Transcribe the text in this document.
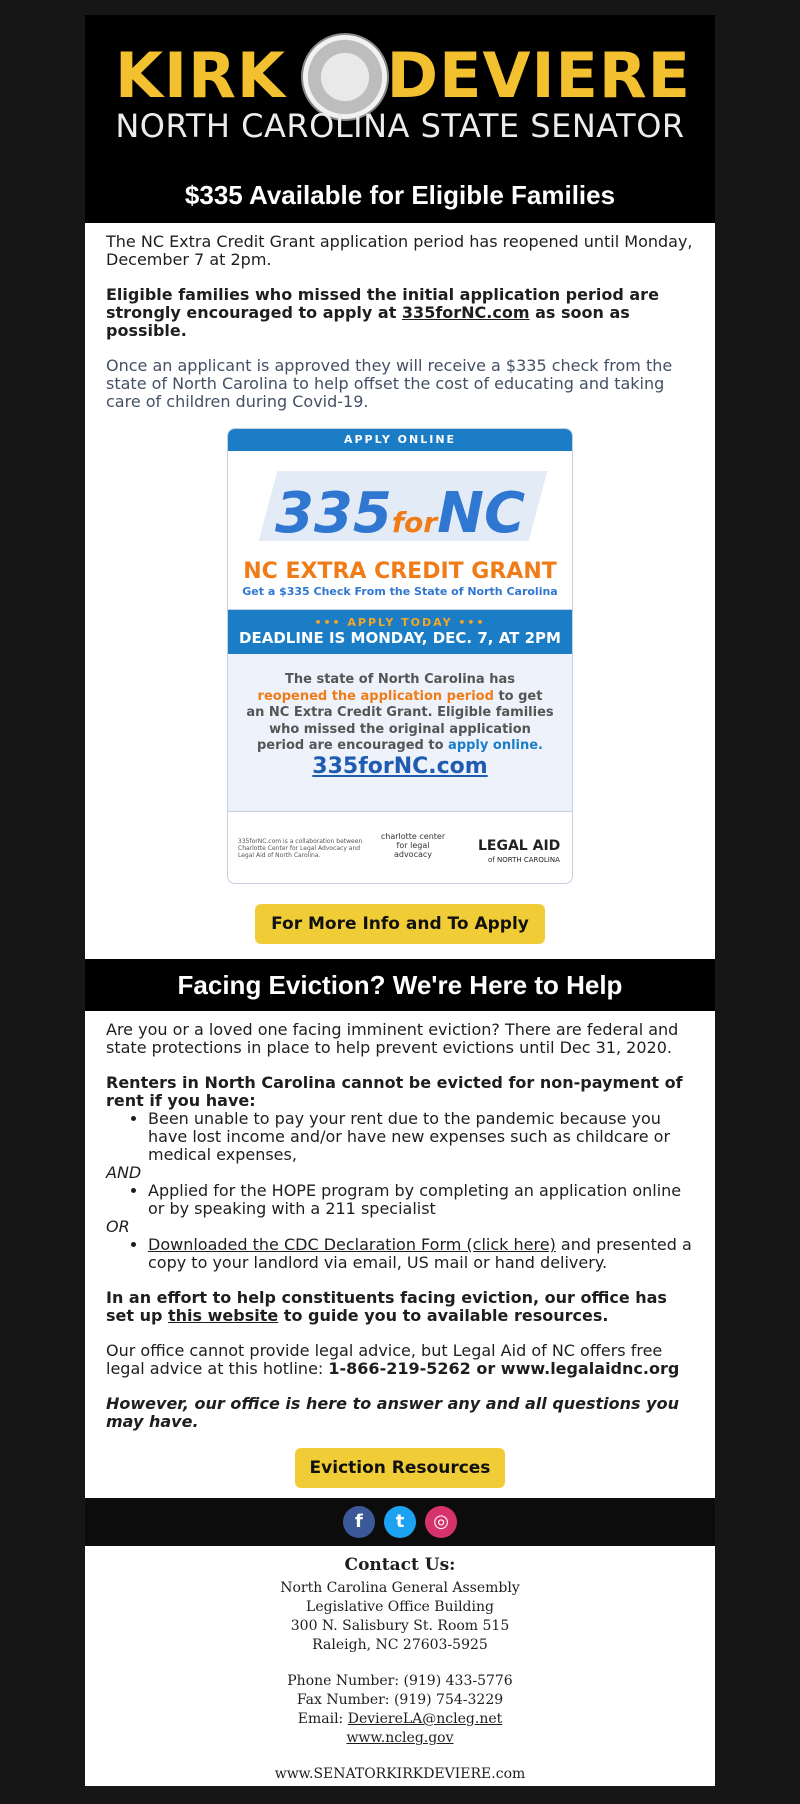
KIRK DEVIERE
NORTH CAROLINA STATE SENATOR
$335 Available for Eligible Families

The NC Extra Credit Grant application period has reopened until Monday, December 7 at 2pm.

Eligible families who missed the initial application period are strongly encouraged to apply at 335forNC.com as soon as possible.

Once an applicant is approved they will receive a $335 check from the state of North Carolina to help offset the cost of educating and taking care of children during Covid-19.

APPLY ONLINE
335forNC
NC EXTRA CREDIT GRANT
Get a $335 Check From the State of North Carolina
••• APPLY TODAY •••
DEADLINE IS MONDAY, DEC. 7, AT 2PM
The state of North Carolina has
reopened the application period to get
an NC Extra Credit Grant. Eligible families
who missed the original application
period are encouraged to apply online.
335forNC.com
335forNC.com is a collaboration between Charlotte Center for Legal Advocacy and Legal Aid of North Carolina.
charlotte center for legal advocacy
LEGAL AID
of NORTH CAROLINA
For More Info and To Apply
Facing Eviction? We're Here to Help

Are you or a loved one facing imminent eviction? There are federal and state protections in place to help prevent evictions until Dec 31, 2020.

Renters in North Carolina cannot be evicted for non-payment of rent if you have:

• Been unable to pay your rent due to the pandemic because you have lost income and/or have new expenses such as childcare or medical expenses,
AND
• Applied for the HOPE program by completing an application online or by speaking with a 211 specialist
OR
• Downloaded the CDC Declaration Form (click here) and presented a copy to your landlord via email, US mail or hand delivery.

In an effort to help constituents facing eviction, our office has set up this website to guide you to available resources.

Our office cannot provide legal advice, but Legal Aid of NC offers free legal advice at this hotline: 1-866-219-5262 or www.legalaidnc.org

However, our office is here to answer any and all questions you may have.

Eviction Resources
f t ◎
Contact Us:
North Carolina General Assembly
Legislative Office Building
300 N. Salisbury St. Room 515
Raleigh, NC 27603-5925
Phone Number: (919) 433-5776
Fax Number: (919) 754-3229
Email: DeviereLA@ncleg.net
www.ncleg.gov
www.SENATORKIRKDEVIERE.com
